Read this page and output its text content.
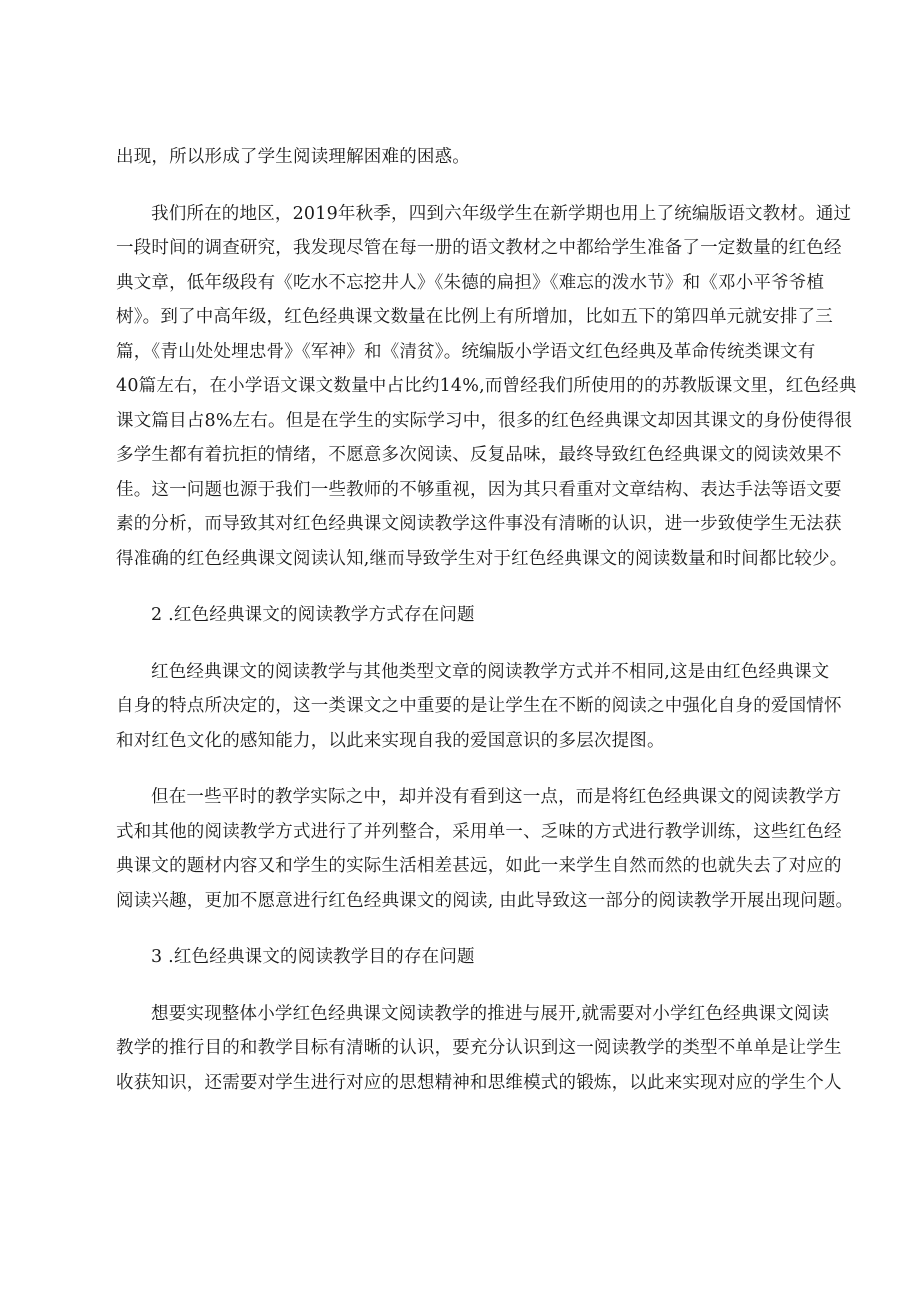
出现，所以形成了学生阅读理解困难的困惑。
我们所在的地区，2019年秋季，四到六年级学生在新学期也用上了统编版语文教材。通过
一段时间的调查研究，我发现尽管在每一册的语文教材之中都给学生准备了一定数量的红色经
典文章，低年级段有《吃水不忘挖井人》《朱德的扁担》《难忘的泼水节》和《邓小平爷爷植
树》。到了中高年级，红色经典课文数量在比例上有所增加，比如五下的第四单元就安排了三
篇，《青山处处埋忠骨》《军神》和《清贫》。统编版小学语文红色经典及革命传统类课文有
40篇左右，在小学语文课文数量中占比约14%,而曾经我们所使用的的苏教版课文里，红色经典
课文篇目占8%左右。但是在学生的实际学习中，很多的红色经典课文却因其课文的身份使得很
多学生都有着抗拒的情绪，不愿意多次阅读、反复品味，最终导致红色经典课文的阅读效果不
佳。这一问题也源于我们一些教师的不够重视，因为其只看重对文章结构、表达手法等语文要
素的分析，而导致其对红色经典课文阅读教学这件事没有清晰的认识，进一步致使学生无法获
得准确的红色经典课文阅读认知,继而导致学生对于红色经典课文的阅读数量和时间都比较少。
2 .红色经典课文的阅读教学方式存在问题
红色经典课文的阅读教学与其他类型文章的阅读教学方式并不相同,这是由红色经典课文
自身的特点所决定的，这一类课文之中重要的是让学生在不断的阅读之中强化自身的爱国情怀
和对红色文化的感知能力，以此来实现自我的爱国意识的多层次提图。
但在一些平时的教学实际之中，却并没有看到这一点，而是将红色经典课文的阅读教学方
式和其他的阅读教学方式进行了并列整合，采用单一、乏味的方式进行教学训练，这些红色经
典课文的题材内容又和学生的实际生活相差甚远，如此一来学生自然而然的也就失去了对应的
阅读兴趣，更加不愿意进行红色经典课文的阅读, 由此导致这一部分的阅读教学开展出现问题。
3 .红色经典课文的阅读教学目的存在问题
想要实现整体小学红色经典课文阅读教学的推进与展开,就需要对小学红色经典课文阅读
教学的推行目的和教学目标有清晰的认识，要充分认识到这一阅读教学的类型不单单是让学生
收获知识，还需要对学生进行对应的思想精神和思维模式的锻炼，以此来实现对应的学生个人
